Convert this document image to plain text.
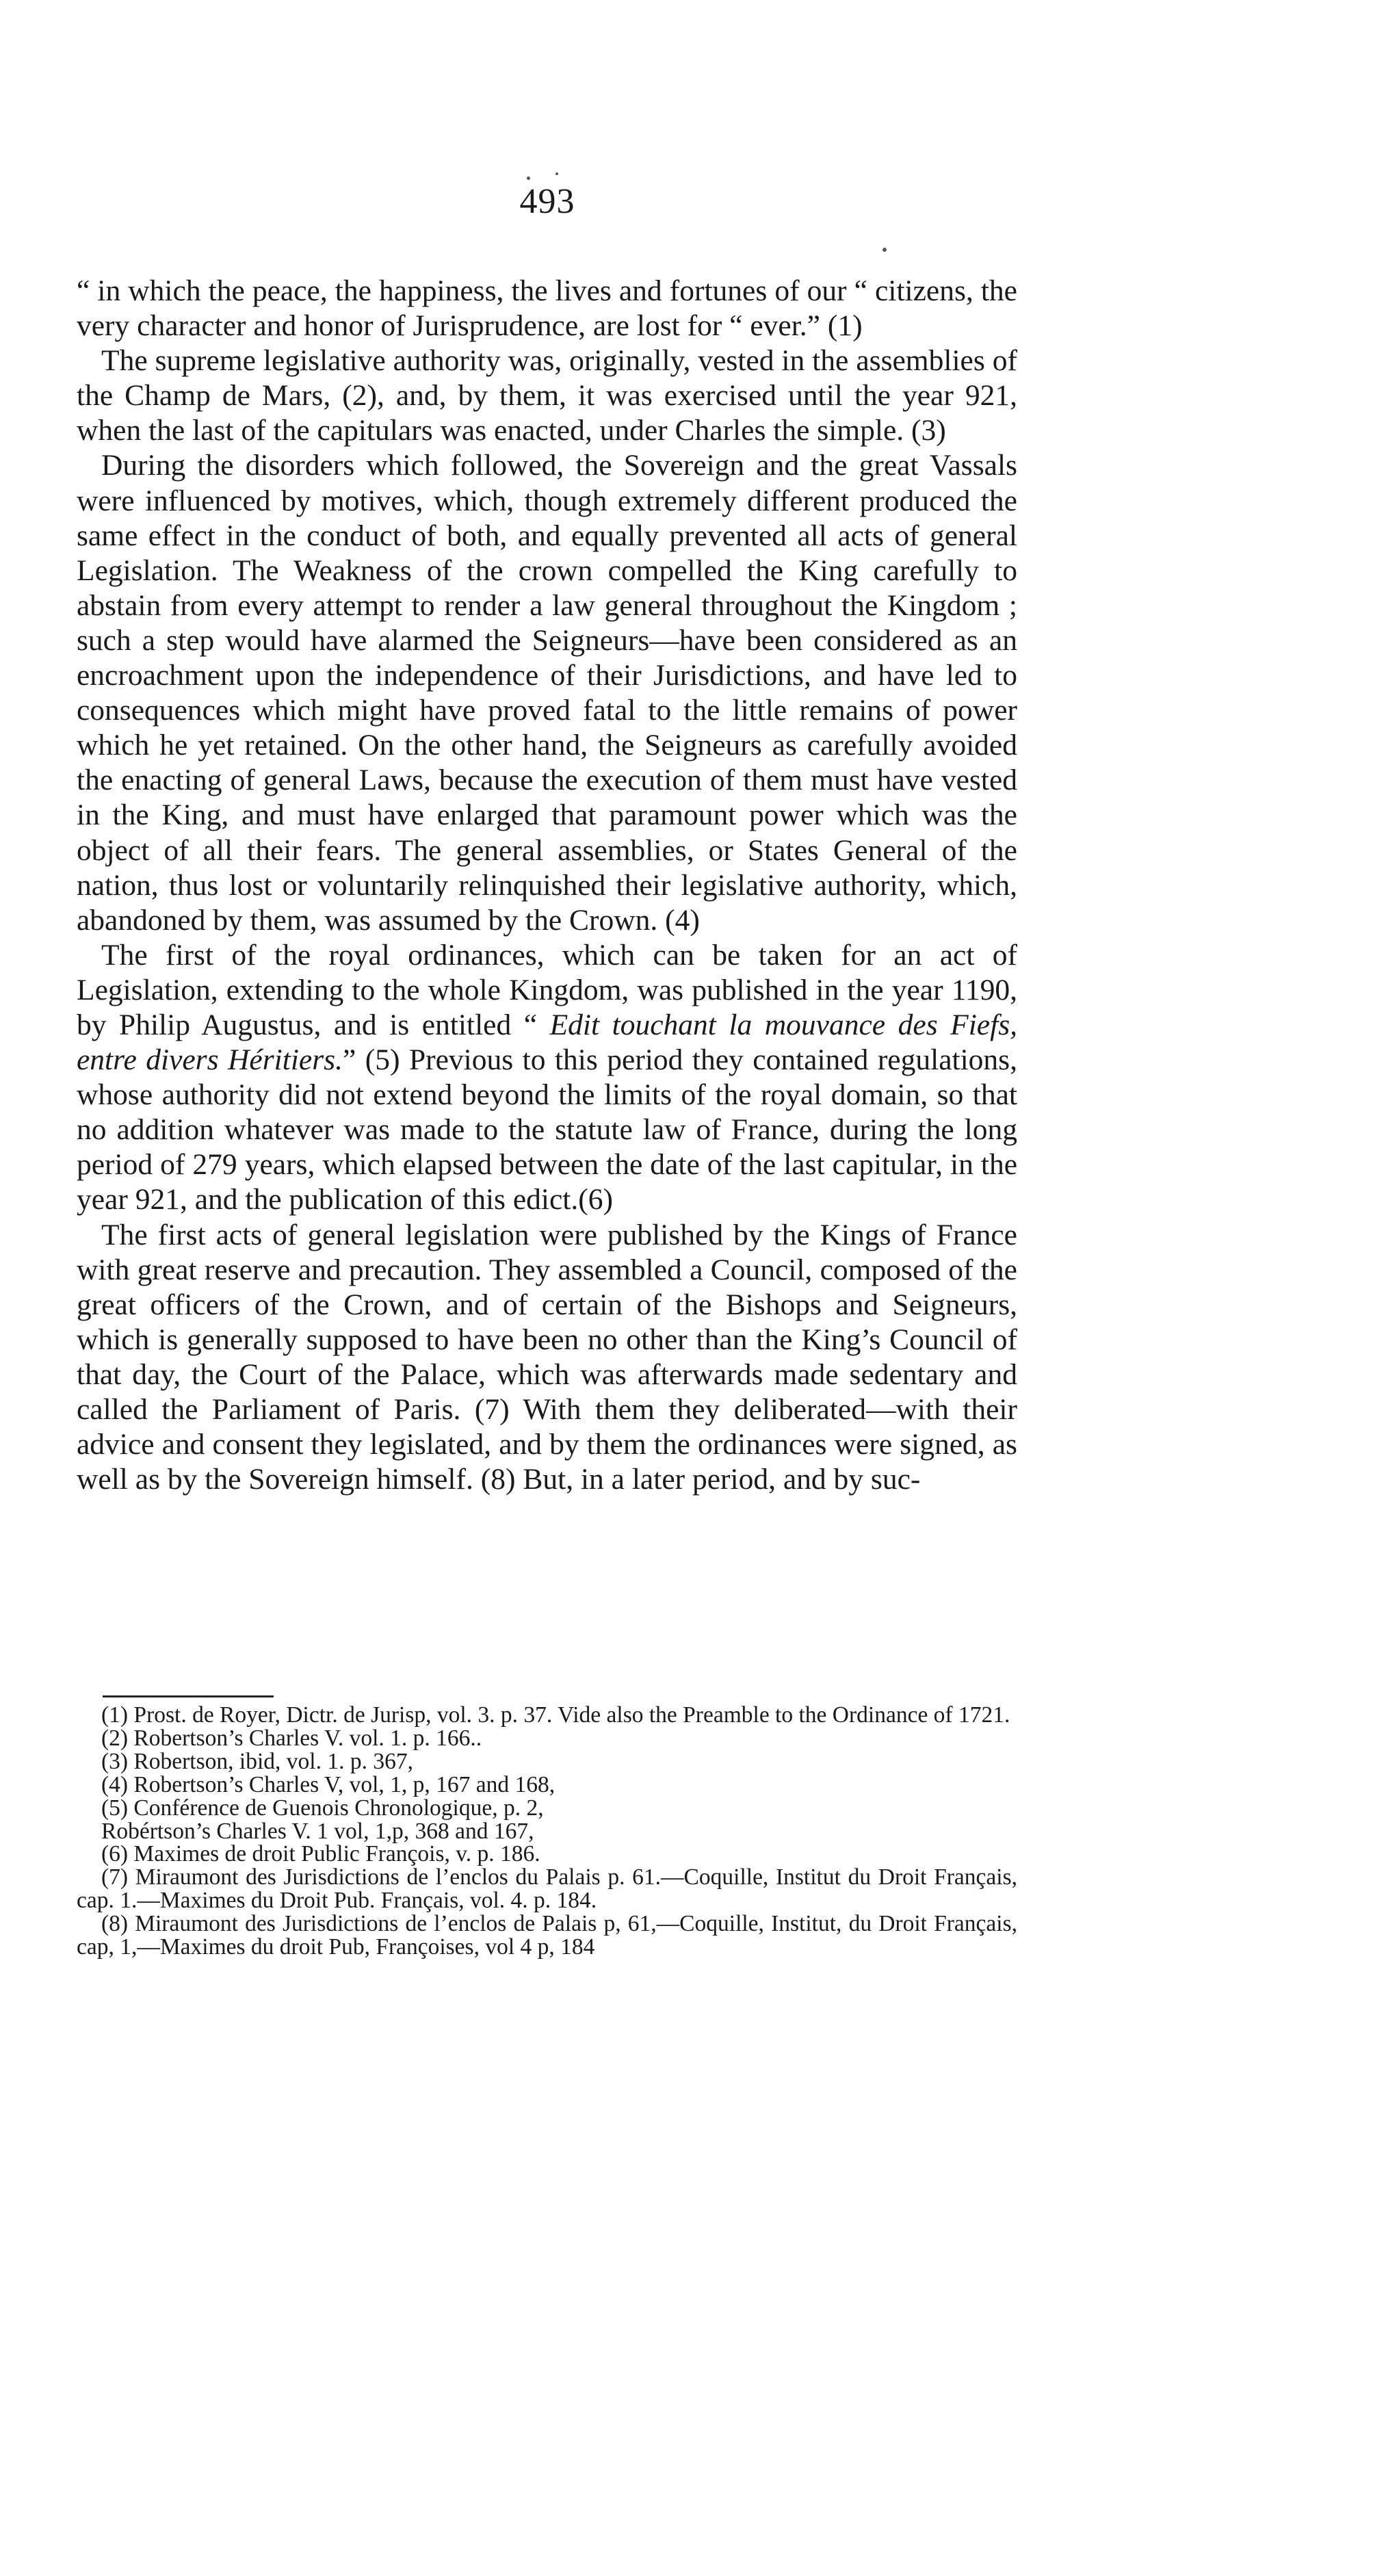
493

“ in which the peace, the happiness, the lives and fortunes of our “ citizens, the very character and honor of Jurisprudence, are lost for “ ever.” (1)

The supreme legislative authority was, originally, vested in the assemblies of the Champ de Mars, (2), and, by them, it was exercised until the year 921, when the last of the capitulars was enacted, under Charles the simple. (3)

During the disorders which followed, the Sovereign and the great Vassals were influenced by motives, which, though extremely different produced the same effect in the conduct of both, and equally prevented all acts of general Legislation. The Weakness of the crown compelled the King carefully to abstain from every attempt to render a law general throughout the Kingdom ; such a step would have alarmed the Seigneurs—have been considered as an encroachment upon the independence of their Jurisdictions, and have led to consequences which might have proved fatal to the little remains of power which he yet retained. On the other hand, the Seigneurs as carefully avoided the enacting of general Laws, because the execution of them must have vested in the King, and must have enlarged that paramount power which was the object of all their fears. The general assemblies, or States General of the nation, thus lost or voluntarily relinquished their legislative authority, which, abandoned by them, was assumed by the Crown. (4)

The first of the royal ordinances, which can be taken for an act of Legislation, extending to the whole Kingdom, was published in the year 1190, by Philip Augustus, and is entitled “ Edit touchant la mouvance des Fiefs, entre divers Héritiers.” (5) Previous to this period they contained regulations, whose authority did not extend beyond the limits of the royal domain, so that no addition whatever was made to the statute law of France, during the long period of 279 years, which elapsed between the date of the last capitular, in the year 921, and the publication of this edict.(6)

The first acts of general legislation were published by the Kings of France with great reserve and precaution. They assembled a Council, composed of the great officers of the Crown, and of certain of the Bishops and Seigneurs, which is generally supposed to have been no other than the King’s Council of that day, the Court of the Palace, which was afterwards made sedentary and called the Parliament of Paris. (7) With them they deliberated—with their advice and consent they legislated, and by them the ordinances were signed, as well as by the Sovereign himself. (8) But, in a later period, and by suc-

(1) Prost. de Royer, Dictr. de Jurisp, vol. 3. p. 37. Vide also the Preamble to the Ordinance of 1721.

(2) Robertson’s Charles V. vol. 1. p. 166..

(3) Robertson, ibid, vol. 1. p. 367,

(4) Robertson’s Charles V, vol, 1, p, 167 and 168,

(5) Conférence de Guenois Chronologique, p. 2,

Robértson’s Charles V. 1 vol, 1,p, 368 and 167,

(6) Maximes de droit Public François, v. p. 186.

(7) Miraumont des Jurisdictions de l’enclos du Palais p. 61.—Coquille, Institut du Droit Français, cap. 1.—Maximes du Droit Pub. Français, vol. 4. p. 184.

(8) Miraumont des Jurisdictions de l’enclos de Palais p, 61,—Coquille, Institut, du Droit Français, cap, 1,—Maximes du droit Pub, Françoises, vol 4 p, 184
